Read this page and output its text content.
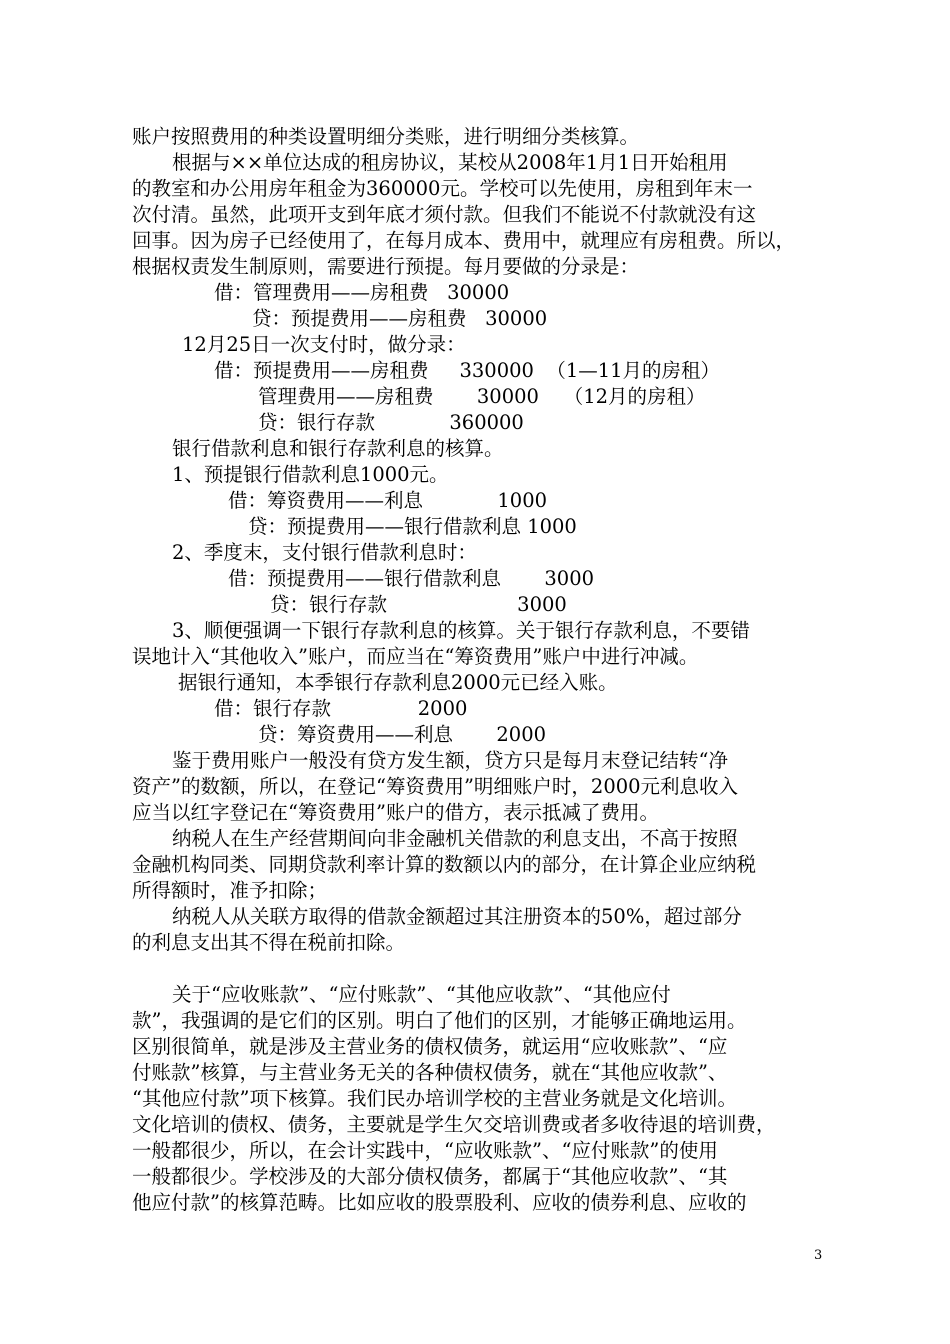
账户按照费用的种类设置明细分类账，进行明细分类核算。

根据与××单位达成的租房协议，某校从2008年1月1日开始租用

的教室和办公用房年租金为360000元。学校可以先使用，房租到年末一

次付清。虽然，此项开支到年底才须付款。但我们不能说不付款就没有这

回事。因为房子已经使用了，在每月成本、费用中，就理应有房租费。所以，

根据权责发生制原则，需要进行预提。每月要做的分录是：

借：管理费用——房租费   30000

贷：预提费用——房租费   30000

12月25日一次支付时，做分录：

借：预提费用——房租费     330000  （1—11月的房租）

管理费用——房租费       30000    （12月的房租）

贷：银行存款            360000

银行借款利息和银行存款利息的核算。

1、预提银行借款利息1000元。

借：筹资费用——利息            1000

贷：预提费用——银行借款利息 1000

2、季度末，支付银行借款利息时：

借：预提费用——银行借款利息       3000

贷：银行存款                     3000

3、顺便强调一下银行存款利息的核算。关于银行存款利息，不要错

误地计入“其他收入”账户，而应当在“筹资费用”账户中进行冲减。

据银行通知，本季银行存款利息2000元已经入账。

借：银行存款              2000

贷：筹资费用——利息       2000

鉴于费用账户一般没有贷方发生额，贷方只是每月末登记结转“净

资产”的数额，所以，在登记“筹资费用”明细账户时，2000元利息收入

应当以红字登记在“筹资费用”账户的借方，表示抵减了费用。

纳税人在生产经营期间向非金融机关借款的利息支出，不高于按照

金融机构同类、同期贷款利率计算的数额以内的部分，在计算企业应纳税

所得额时，准予扣除；

纳税人从关联方取得的借款金额超过其注册资本的50%，超过部分

的利息支出其不得在税前扣除。

关于“应收账款”、“应付账款”、“其他应收款”、“其他应付

款”，我强调的是它们的区别。明白了他们的区别，才能够正确地运用。

区别很简单，就是涉及主营业务的债权债务，就运用“应收账款”、“应

付账款”核算，与主营业务无关的各种债权债务，就在“其他应收款”、

“其他应付款”项下核算。我们民办培训学校的主营业务就是文化培训。

文化培训的债权、债务，主要就是学生欠交培训费或者多收待退的培训费，

一般都很少，所以，在会计实践中，“应收账款”、“应付账款”的使用

一般都很少。学校涉及的大部分债权债务，都属于“其他应收款”、“其

他应付款”的核算范畴。比如应收的股票股利、应收的债券利息、应收的

3
